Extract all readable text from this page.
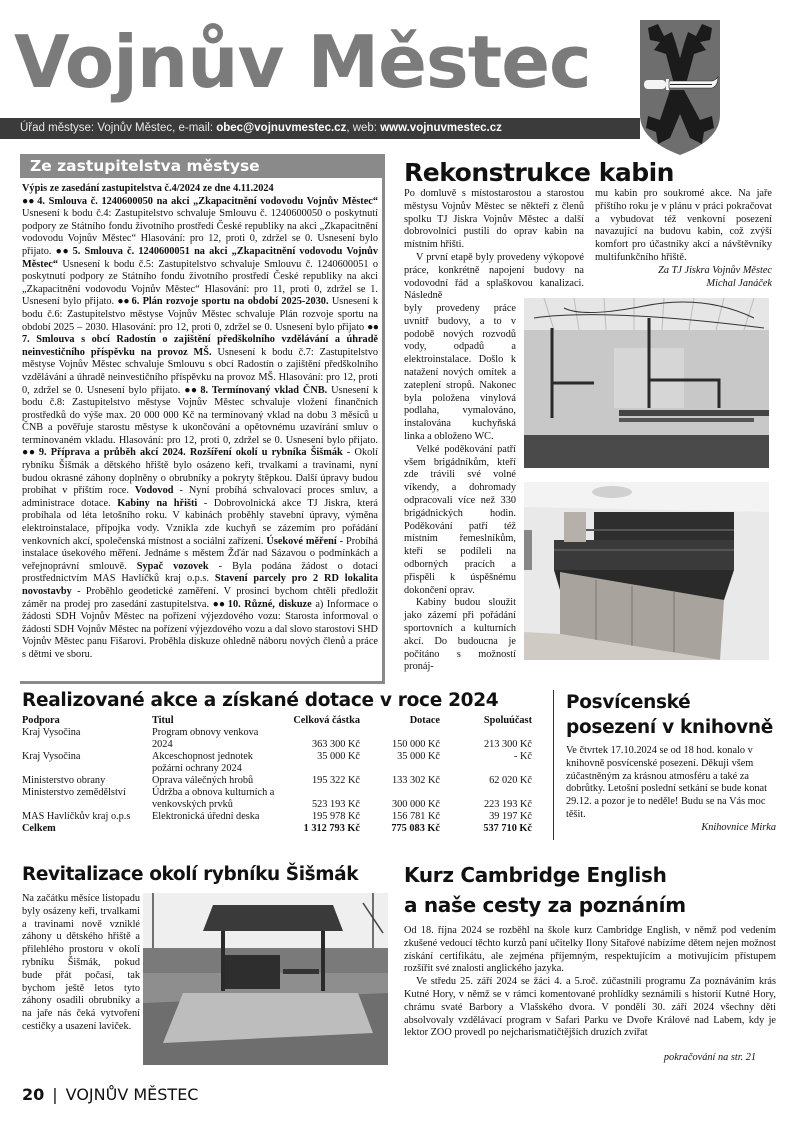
Vojnův Městec
Úřad městyse: Vojnův Městec, e-mail: obec@vojnuvmestec.cz, web: www.vojnuvmestec.cz
Ze zastupitelstva městyse

Výpis ze zasedání zastupitelstva č.4/2024 ze dne 4.11.2024

●● 4. Smlouva č. 1240600050 na akci „Zkapacitnění vodovodu Vojnův Městec“ Usnesení k bodu č.4: Zastupitelstvo schvaluje Smlouvu č. 1240600050 o poskytnutí podpory ze Státního fondu životního prostředí České republiky na akci „Zkapacitnění vodovodu Vojnův Městec“ Hlasování: pro 12, proti 0, zdržel se 0. Usnesení bylo přijato. ●● 5. Smlouva č. 1240600051 na akci „Zkapacitnění vodovodu Vojnův Městec“ Usnesení k bodu č.5: Zastupitelstvo schvaluje Smlouvu č. 1240600051 o poskytnutí podpory ze Státního fondu životního prostředí České republiky na akci „Zkapacitnění vodovodu Vojnův Městec“ Hlasování: pro 11, proti 0, zdržel se 1. Usnesení bylo přijato. ●● 6. Plán rozvoje sportu na období 2025-2030. Usnesení k bodu č.6: Zastupitelstvo městyse Vojnův Městec schvaluje Plán rozvoje sportu na období 2025 – 2030. Hlasování: pro 12, proti 0, zdržel se 0. Usnesení bylo přijato ●● 7. Smlouva s obcí Radostín o zajištění předškolního vzdělávání a úhradě neinvestičního příspěvku na provoz MŠ. Usnesení k bodu č.7: Zastupitelstvo městyse Vojnův Městec schvaluje Smlouvu s obcí Radostín o zajištění předškolního vzdělávání a úhradě neinvestičního příspěvku na provoz MŠ. Hlasování: pro 12, proti 0, zdržel se 0. Usnesení bylo přijato. ●● 8. Termínovaný vklad ČNB. Usnesení k bodu č.8: Zastupitelstvo městyse Vojnův Městec schvaluje vložení finančních prostředků do výše max. 20 000 000 Kč na termínovaný vklad na dobu 3 měsíců u ČNB a pověřuje starostu městyse k ukončování a opětovnému uzavírání smluv o termínovaném vkladu. Hlasování: pro 12, proti 0, zdržel se 0. Usnesení bylo přijato. ●● 9. Příprava a průběh akcí 2024. Rozšíření okolí u rybníka Šišmák - Okolí rybníku Šišmák a dětského hřiště bylo osázeno keři, trvalkami a travinami, nyní budou okrasné záhony doplněny o obrubníky a pokryty štěpkou. Další úpravy budou probíhat v příštím roce. Vodovod - Nyní probíhá schvalovací proces smluv, a administrace dotace. Kabiny na hřišti - Dobrovolnická akce TJ Jiskra, která probíhala od léta letošního roku. V kabinách proběhly stavební úpravy, výměna elektroinstalace, přípojka vody. Vznikla zde kuchyň se zázemím pro pořádání venkovních akcí, společenská místnost a sociální zařízení. Úsekové měření - Probíhá instalace úsekového měření. Jednáme s městem Žďár nad Sázavou o podmínkách a veřejnoprávní smlouvě. Sypač vozovek - Byla podána žádost o dotaci prostřednictvím MAS Havlíčků kraj o.p.s. Stavení parcely pro 2 RD lokalita novostavby - Proběhlo geodetické zaměření. V prosinci bychom chtěli předložit záměr na prodej pro zasedání zastupitelstva. ●● 10. Různé, diskuze a) Informace o žádosti SDH Vojnův Městec na pořízení výjezdového vozu: Starosta informoval o žádosti SDH Vojnův Městec na pořízení výjezdového vozu a dal slovo starostovi SHD Vojnův Městec panu Fišarovi. Proběhla diskuze ohledně náboru nových členů a práce s dětmi ve sboru.

Rekonstrukce kabin

Po domluvě s místostarostou a starostou městysu Vojnův Městec se někteří z členů spolku TJ Jiskra Vojnův Městec a další dobrovolníci pustili do oprav kabin na místním hřišti.

V první etapě byly provedeny výkopové práce, konkrétně napojení budovy na vodovodní řád a splaškovou kanalizaci. Následně

byly provedeny práce uvnitř budovy, a to v podobě nových rozvodů vody, odpadů a elektroinstalace. Došlo k natažení nových omítek a zateplení stropů. Nakonec byla položena vinylová podlaha, vymalováno, instalována kuchyňská linka a obloženo WC.

Velké poděkování patří všem brigádníkům, kteří zde trávili své volné víkendy, a dohromady odpracovali více než 330 brigádnických hodin. Poděkování patří též místním řemeslníkům, kteří se podíleli na odborných pracích a přispěli k úspěšnému dokončení oprav.

Kabiny budou sloužit jako zázemí při pořádání sportovních a kulturních akcí. Do budoucna je počítáno s možností pronáj-

mu kabin pro soukromé akce. Na jaře příštího roku je v plánu v práci pokračovat a vybudovat též venkovní posezení navazující na budovu kabin, což zvýší komfort pro účastníky akcí a návštěvníky multifunkčního hřiště.

Za TJ Jiskra Vojnův Městec

Michal Janáček

Realizované akce a získané dotace v roce 2024
Podpora	Titul	Celková částka	Dotace	Spoluúčast
Kraj Vysočina	Program obnovy venkova 2024	363 300 Kč	150 000 Kč	213 300 Kč
Kraj Vysočina	Akceschopnost jednotek požární ochrany 2024	35 000 Kč	35 000 Kč	- Kč
Ministerstvo obrany	Oprava válečných hrobů	195 322 Kč	133 302 Kč	62 020 Kč
Ministerstvo zemědělství	Údržba a obnova kulturních a venkovských prvků	523 193 Kč	300 000 Kč	223 193 Kč
MAS Havlíčkův kraj o.p.s	Elektronická úřední deska	195 978 Kč	156 781 Kč	39 197 Kč
Celkem		1 312 793 Kč	775 083 Kč	537 710 Kč
Posvícenské
posezení v knihovně

Ve čtvrtek 17.10.2024 se od 18 hod. konalo v knihovně posvícenské posezení. Děkuji všem zúčastněným za krásnou atmosféru a také za dobrůtky. Letošní poslední setkání se bude konat 29.12. a pozor je to neděle! Budu se na Vás moc těšit.

Knihovnice Mirka

Revitalizace okolí rybníku Šišmák
Na začátku měsíce listopadu byly osázeny keři, trvalkami a travinami nově vzniklé záhony u dětského hřiště a přilehlého prostoru v okolí rybníku Šišmák, pokud bude přát počasí, tak bychom ještě letos tyto záhony osadili obrubníky a na jaře nás čeká vytvoření cestičky a usazení laviček.
Kurz Cambridge English
a naše cesty za poznáním

Od 18. října 2024 se rozběhl na škole kurz Cambridge English, v němž pod vedením zkušené vedoucí těchto kurzů paní učitelky Ilony Sitařové nabízíme dětem nejen možnost získání certifikátu, ale zejména příjemným, respektujícím a motivujícím přístupem rozšířit své znalosti anglického jazyka.

Ve středu 25. září 2024 se žáci 4. a 5.roč. zúčastnili programu Za poznáváním krás Kutné Hory, v němž se v rámci komentované prohlídky seznámili s historií Kutné Hory, chrámu svaté Barbory a Vlašského dvora. V pondělí 30. září 2024 všechny děti absolvovaly vzdělávací program v Safari Parku ve Dvoře Králové nad Labem, kdy je lektor ZOO provedl po nejcharismatičtějších druzích zvířat

pokračování na str. 21
20 | VOJNŮV MĚSTEC
